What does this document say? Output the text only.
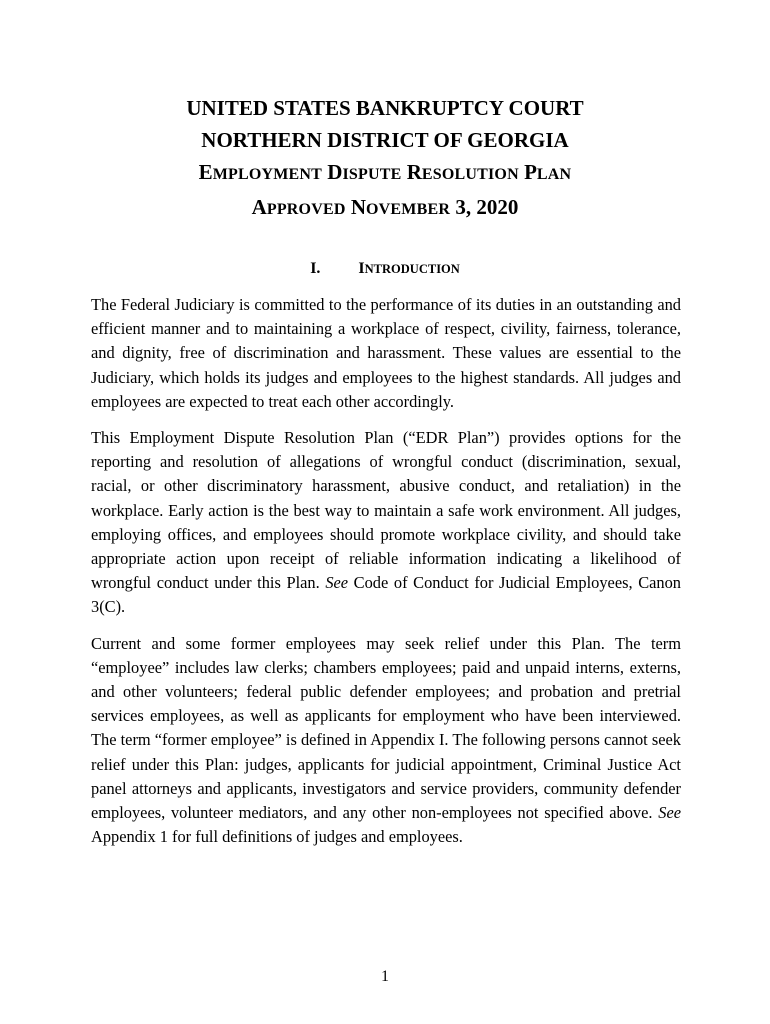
UNITED STATES BANKRUPTCY COURT
NORTHERN DISTRICT OF GEORGIA
EMPLOYMENT DISPUTE RESOLUTION PLAN
APPROVED NOVEMBER 3, 2020
I. INTRODUCTION

The Federal Judiciary is committed to the performance of its duties in an outstanding and efficient manner and to maintaining a workplace of respect, civility, fairness, tolerance, and dignity, free of discrimination and harassment. These values are essential to the Judiciary, which holds its judges and employees to the highest standards. All judges and employees are expected to treat each other accordingly.

This Employment Dispute Resolution Plan (“EDR Plan”) provides options for the reporting and resolution of allegations of wrongful conduct (discrimination, sexual, racial, or other discriminatory harassment, abusive conduct, and retaliation) in the workplace. Early action is the best way to maintain a safe work environment. All judges, employing offices, and employees should promote workplace civility, and should take appropriate action upon receipt of reliable information indicating a likelihood of wrongful conduct under this Plan. See Code of Conduct for Judicial Employees, Canon 3(C).

Current and some former employees may seek relief under this Plan. The term “employee” includes law clerks; chambers employees; paid and unpaid interns, externs, and other volunteers; federal public defender employees; and probation and pretrial services employees, as well as applicants for employment who have been interviewed. The term “former employee” is defined in Appendix I. The following persons cannot seek relief under this Plan: judges, applicants for judicial appointment, Criminal Justice Act panel attorneys and applicants, investigators and service providers, community defender employees, volunteer mediators, and any other non-employees not specified above. See Appendix 1 for full definitions of judges and employees.

1
